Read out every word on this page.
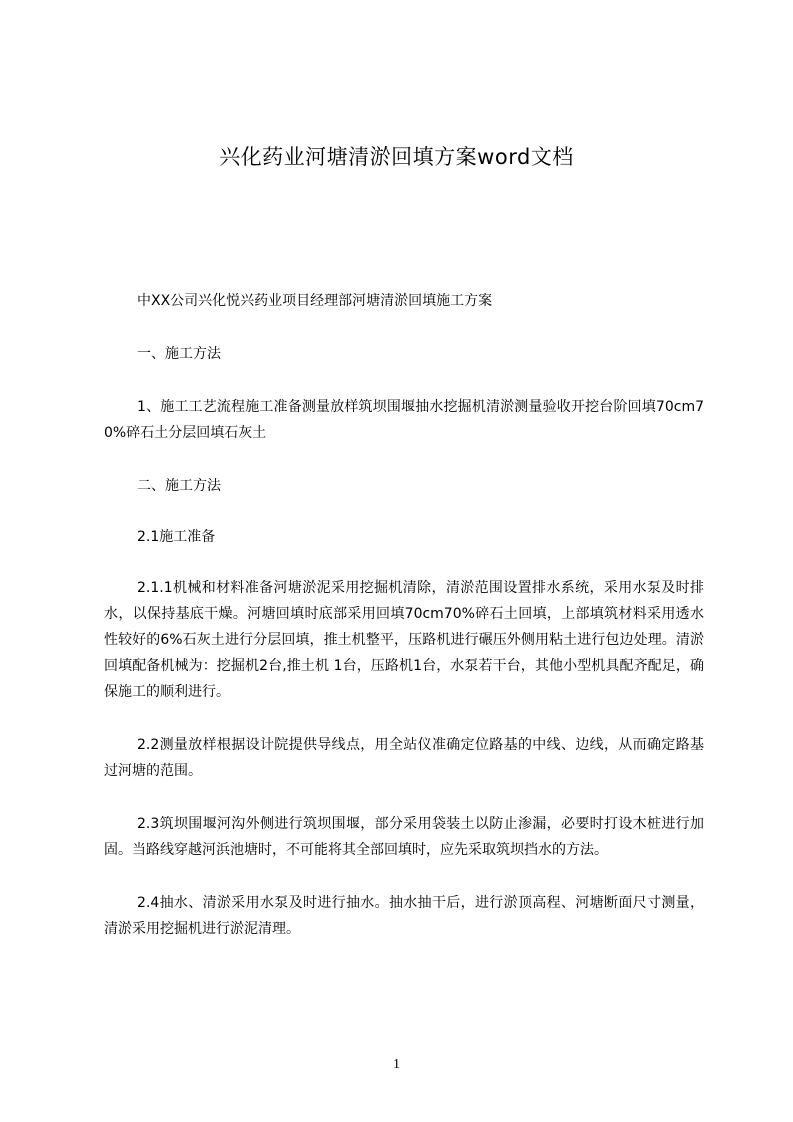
兴化药业河塘清淤回填方案word文档

中XX公司兴化悦兴药业项目经理部河塘清淤回填施工方案

一、施工方法

1、施工工艺流程施工准备测量放样筑坝围堰抽水挖掘机清淤测量验收开挖台阶回填70cm70%碎石土分层回填石灰土

二、施工方法

2.1施工准备

2.1.1机械和材料准备河塘淤泥采用挖掘机清除，清淤范围设置排水系统，采用水泵及时排水，以保持基底干燥。河塘回填时底部采用回填70cm70%碎石土回填，上部填筑材料采用透水性较好的6%石灰土进行分层回填，推土机整平，压路机进行碾压外侧用粘土进行包边处理。清淤回填配备机械为：挖掘机2台,推土机 1台，压路机1台，水泵若干台，其他小型机具配齐配足，确保施工的顺利进行。

2.2测量放样根据设计院提供导线点，用全站仪准确定位路基的中线、边线，从而确定路基过河塘的范围。

2.3筑坝围堰河沟外侧进行筑坝围堰，部分采用袋装土以防止渗漏，必要时打设木桩进行加固。当路线穿越河浜池塘时，不可能将其全部回填时，应先采取筑坝挡水的方法。

2.4抽水、清淤采用水泵及时进行抽水。抽水抽干后，进行淤顶高程、河塘断面尺寸测量，清淤采用挖掘机进行淤泥清理。

1
